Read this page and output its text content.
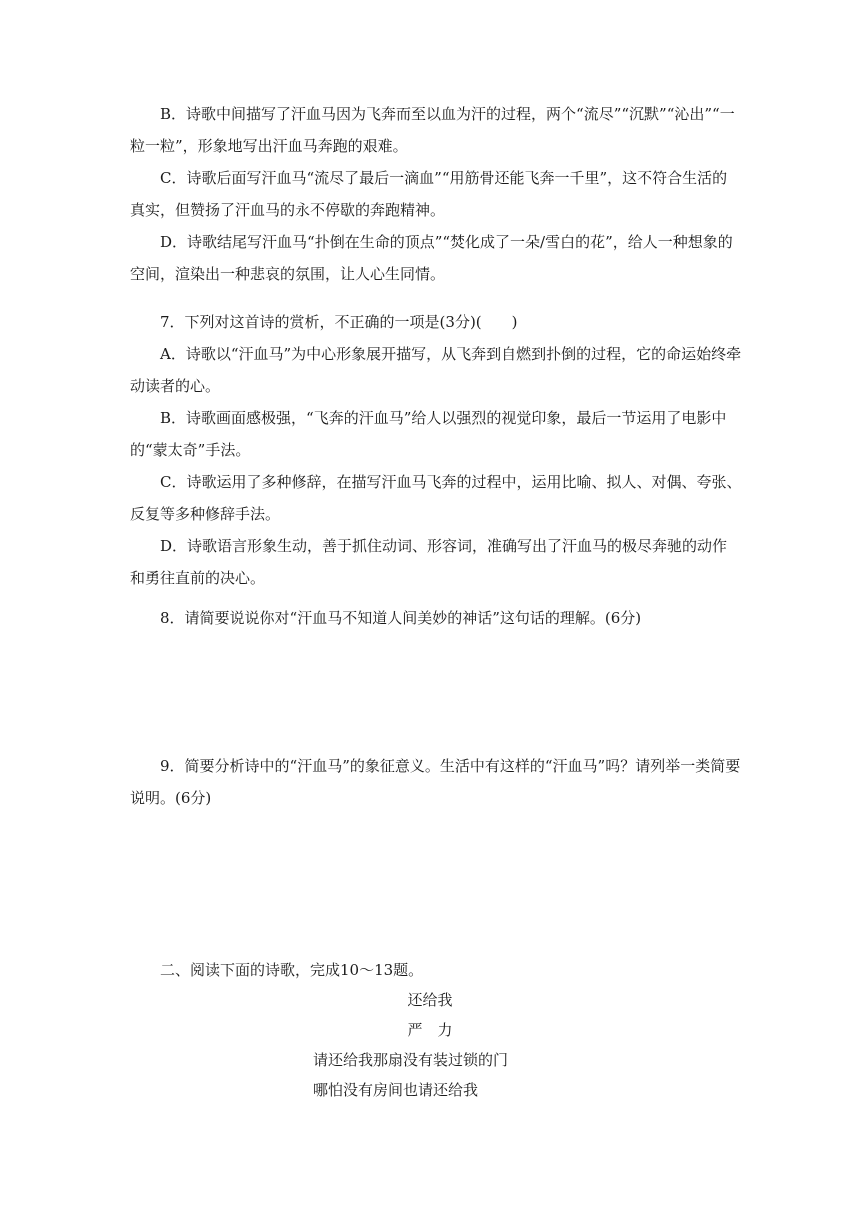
B．诗歌中间描写了汗血马因为飞奔而至以血为汗的过程，两个“流尽”“沉默”“沁出”“一粒一粒”，形象地写出汗血马奔跑的艰难。

C．诗歌后面写汗血马“流尽了最后一滴血”“用筋骨还能飞奔一千里”，这不符合生活的真实，但赞扬了汗血马的永不停歇的奔跑精神。

D．诗歌结尾写汗血马“扑倒在生命的顶点”“焚化成了一朵/雪白的花”，给人一种想象的空间，渲染出一种悲哀的氛围，让人心生同情。

7．下列对这首诗的赏析，不正确的一项是(3分)(　　)

A．诗歌以“汗血马”为中心形象展开描写，从飞奔到自燃到扑倒的过程，它的命运始终牵动读者的心。

B．诗歌画面感极强，“飞奔的汗血马”给人以强烈的视觉印象，最后一节运用了电影中的“蒙太奇”手法。

C．诗歌运用了多种修辞，在描写汗血马飞奔的过程中，运用比喻、拟人、对偶、夸张、反复等多种修辞手法。

D．诗歌语言形象生动，善于抓住动词、形容词，准确写出了汗血马的极尽奔驰的动作和勇往直前的决心。

8．请简要说说你对“汗血马不知道人间美妙的神话”这句话的理解。(6分)

9．简要分析诗中的“汗血马”的象征意义。生活中有这样的“汗血马”吗？请列举一类简要说明。(6分)

二、阅读下面的诗歌，完成10～13题。

还给我
严　力
请还给我那扇没有装过锁的门
哪怕没有房间也请还给我
